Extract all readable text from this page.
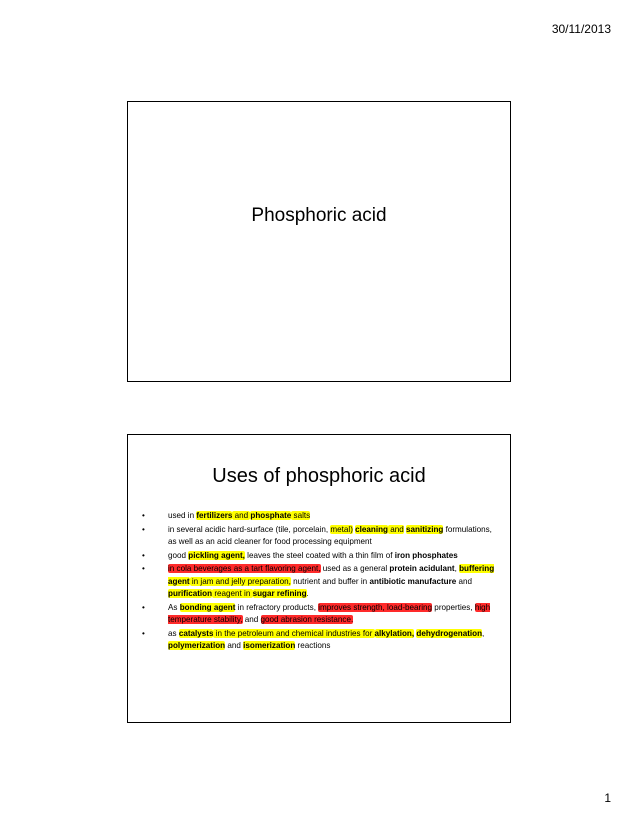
30/11/2013
Phosphoric acid
Uses of phosphoric acid
•	used in fertilizers and phosphate salts
•	in several acidic hard-surface (tile, porcelain, metal) cleaning and sanitizing formulations, as well as an acid cleaner for food processing equipment
•	good pickling agent, leaves the steel coated with a thin film of iron phosphates
•	in cola beverages as a tart flavoring agent, used as a general protein acidulant, buffering agent in jam and jelly preparation, nutrient and buffer in antibiotic manufacture and purification reagent in sugar refining.
•	As bonding agent in refractory products, improves strength, load-bearing properties, high temperature stability, and good abrasion resistance.
•	as catalysts in the petroleum and chemical industries for alkylation, dehydrogenation, polymerization and isomerization reactions
1
